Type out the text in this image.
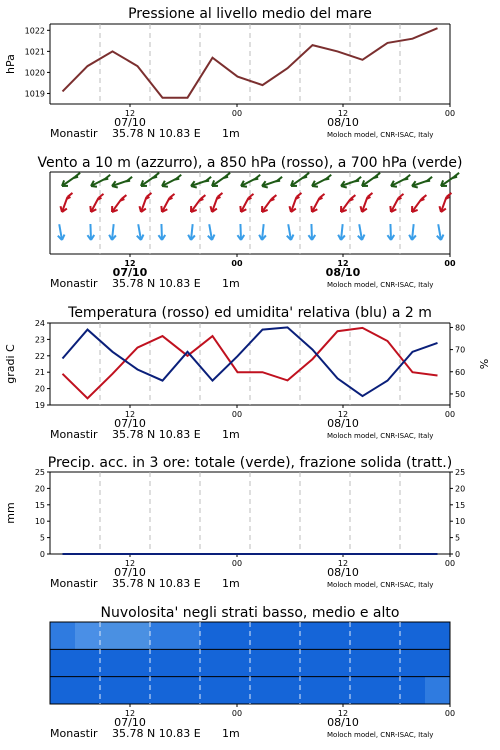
Pressione al livello medio del mare
12	00	12	00
07/10	08/10
Monastir 35.78 N 10.83 E 1m	Moloch model, CNR-ISAC, Italy
1019
1020
1021
1022
hPa
Vento a 10 m (azzurro), a 850 hPa (rosso), a 700 hPa (verde)
12	00	12	00
07/10	08/10
Monastir 35.78 N 10.83 E 1m	Moloch model, CNR-ISAC, Italy
Temperatura (rosso) ed umidita' relativa (blu) a 2 m
12	00	12	00
07/10	08/10
Monastir 35.78 N 10.83 E 1m	Moloch model, CNR-ISAC, Italy
19
20
21
22
23
24
50
60
70
80
gradi C	%
Precip. acc. in 3 ore: totale (verde), frazione solida (tratt.)
12	00	12	00
07/10	08/10
Monastir 35.78 N 10.83 E 1m	Moloch model, CNR-ISAC, Italy
0
5
10
15
20
25
0
5
10
15
20
25
mm
Nuvolosita' negli strati basso, medio e alto
12	00	12	00
07/10	08/10
Monastir 35.78 N 10.83 E 1m	Moloch model, CNR-ISAC, Italy
